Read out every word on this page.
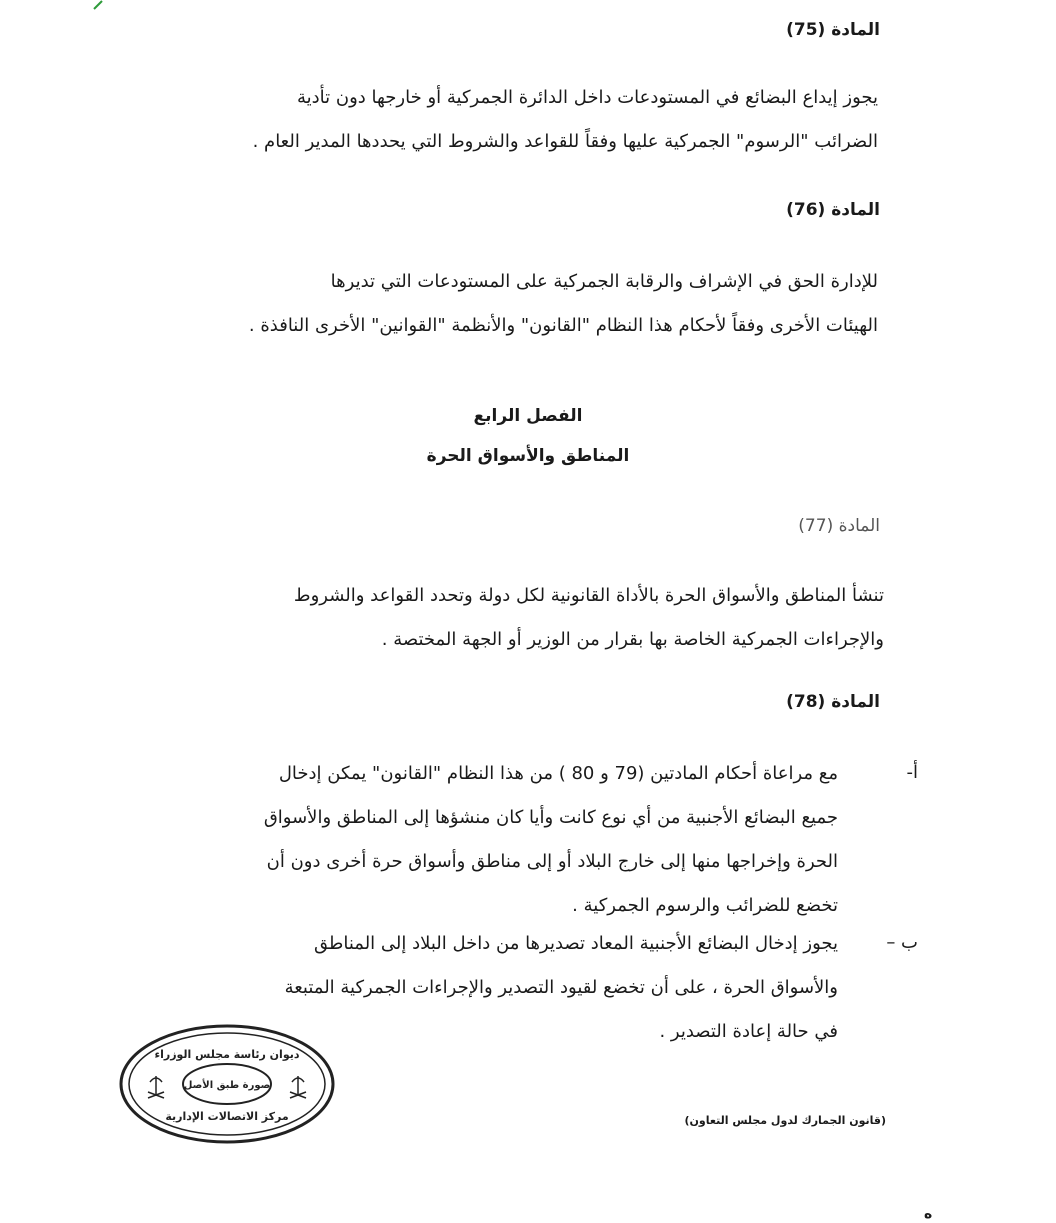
المادة (75)
يجوز إيداع البضائع في المستودعات داخل الدائرة الجمركية أو خارجها دون تأدية
الضرائب "الرسوم" الجمركية عليها وفقاً للقواعد والشروط التي يحددها المدير العام .
المادة (76)
للإدارة الحق في الإشراف والرقابة الجمركية على المستودعات التي تديرها
الهيئات الأخرى وفقاً لأحكام هذا النظام "القانون" والأنظمة "القوانين" الأخرى النافذة .
الفصل الرابع
المناطق والأسواق الحرة
المادة (77)
تنشأ المناطق والأسواق الحرة بالأداة القانونية لكل دولة وتحدد القواعد والشروط
والإجراءات الجمركية الخاصة بها بقرار من الوزير أو الجهة المختصة .
المادة (78)
أ-
مع مراعاة أحكام المادتين (79 و 80 ) من هذا النظام "القانون" يمكن إدخال
جميع البضائع الأجنبية من أي نوع كانت وأيا كان منشؤها إلى المناطق والأسواق
الحرة وإخراجها منها إلى خارج البلاد أو إلى مناطق وأسواق حرة أخرى دون أن
تخضع للضرائب والرسوم الجمركية .
ب –
يجوز إدخال البضائع الأجنبية المعاد تصديرها من داخل البلاد إلى المناطق
والأسواق الحرة ، على أن تخضع لقيود التصدير والإجراءات الجمركية المتبعة
في حالة إعادة التصدير .
ديوان رئاسة مجلس الوزراء
صورة طبق الأصل
مركز الاتصالات الإدارية	(قانون الجمارك لدول مجلس التعاون)
ه
